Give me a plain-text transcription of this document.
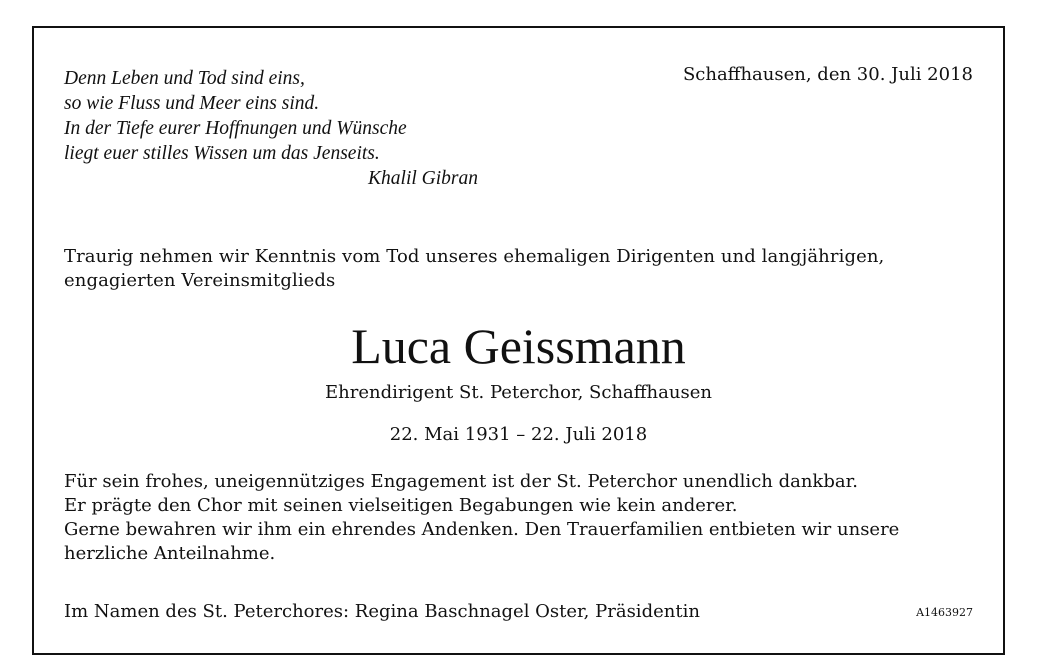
Denn Leben und Tod sind eins,
so wie Fluss und Meer eins sind.
In der Tiefe eurer Hoffnungen und Wünsche
liegt euer stilles Wissen um das Jenseits.
Khalil Gibran
Schaffhausen, den 30. Juli 2018
Traurig nehmen wir Kenntnis vom Tod unseres ehemaligen Dirigenten und langjährigen,
engagierten Vereinsmitglieds
Luca Geissmann
Ehrendirigent St. Peterchor, Schaffhausen
22. Mai 1931 – 22. Juli 2018
Für sein frohes, uneigennütziges Engagement ist der St. Peterchor unendlich dankbar.
Er prägte den Chor mit seinen vielseitigen Begabungen wie kein anderer.
Gerne bewahren wir ihm ein ehrendes Andenken. Den Trauerfamilien entbieten wir unsere
herzliche Anteilnahme.
Im Namen des St. Peterchores: Regina Baschnagel Oster, Präsidentin	A1463927
